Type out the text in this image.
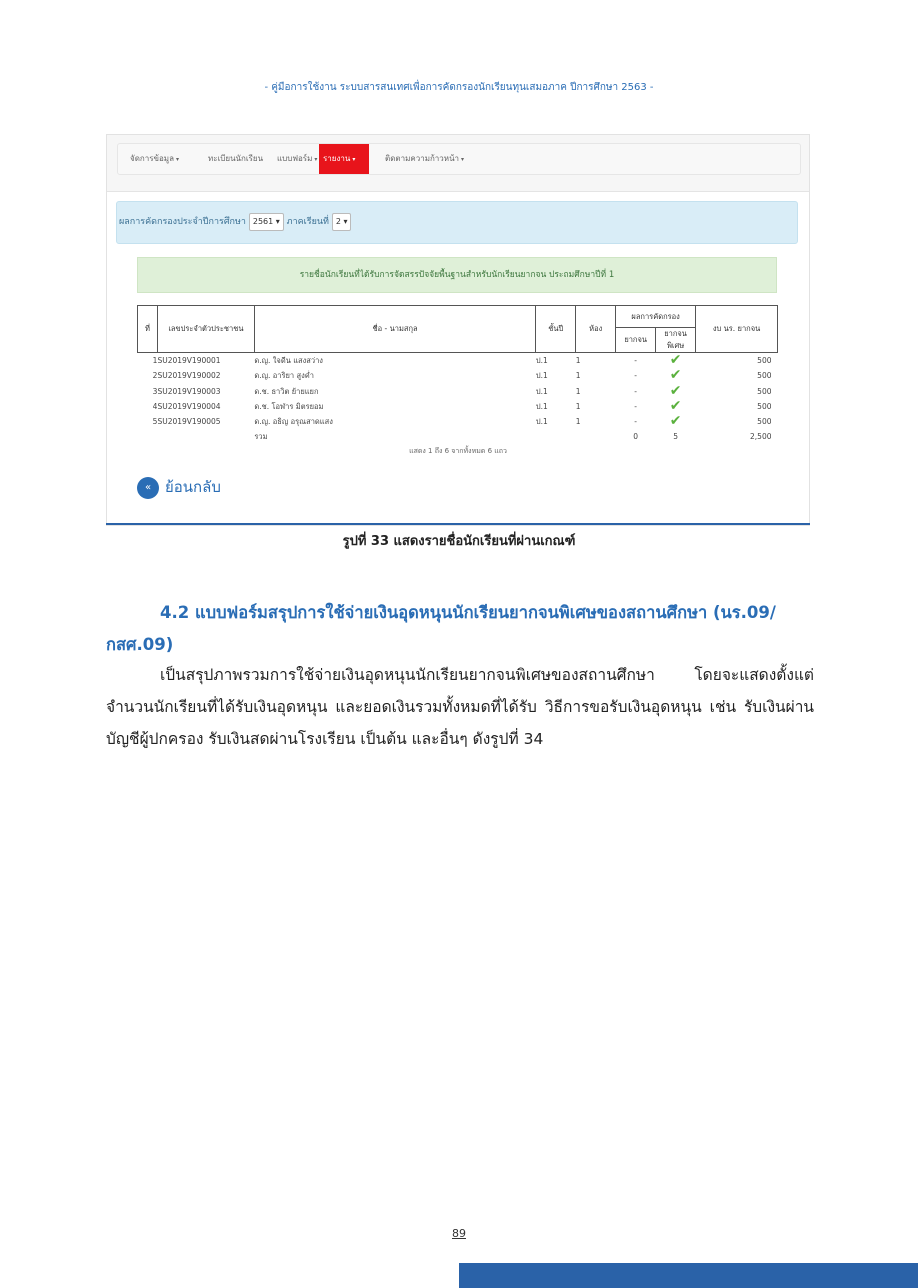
- คู่มือการใช้งาน ระบบสารสนเทศเพื่อการคัดกรองนักเรียนทุนเสมอภาค ปีการศึกษา 2563 -
จัดการข้อมูล ▾	ทะเบียนนักเรียน	แบบฟอร์ม ▾ รายงาน ▾	ติดตามความก้าวหน้า ▾
ผลการคัดกรองประจำปีการศึกษา 2561 ▾ ภาคเรียนที่ 2 ▾
รายชื่อนักเรียนที่ได้รับการจัดสรรปัจจัยพื้นฐานสำหรับนักเรียนยากจน ประถมศึกษาปีที่ 1
ที่	เลขประจำตัวประชาชน	ชื่อ - นามสกุล	ชั้นปี	ห้อง	ผลการคัดกรอง		งบ นร. ยากจน
					ยากจน	ยากจนพิเศษ	
1	SU2019V190001	ด.ญ. ใจดีน แสงสว่าง	ป.1	1	-	✔	500
2	SU2019V190002	ด.ญ. อาริยา สูงค่ำ	ป.1	1	-	✔	500
3	SU2019V190003	ด.ช. ธาวิต ย้ายแยก	ป.1	1	-	✔	500
4	SU2019V190004	ด.ช. โอฬาร มิตรยอม	ป.1	1	-	✔	500
5	SU2019V190005	ด.ญ. อธิญ อรุณสาดแสง	ป.1	1	-	✔	500
		รวม			0	5	2,500
แสดง 1 ถึง 6 จากทั้งหมด 6 แถว
« ย้อนกลับ
รูปที่ 33 แสดงรายชื่อนักเรียนที่ผ่านเกณฑ์
4.2 แบบฟอร์มสรุปการใช้จ่ายเงินอุดหนุนนักเรียนยากจนพิเศษของสถานศึกษา (นร.09/กสศ.09)
เป็นสรุปภาพรวมการใช้จ่ายเงินอุดหนุนนักเรียนยากจนพิเศษของสถานศึกษา โดยจะแสดงตั้งแต่จำนวนนักเรียนที่ได้รับเงินอุดหนุน และยอดเงินรวมทั้งหมดที่ได้รับ วิธีการขอรับเงินอุดหนุน เช่น รับเงินผ่านบัญชีผู้ปกครอง รับเงินสดผ่านโรงเรียน เป็นต้น และอื่นๆ ดังรูปที่ 34
89
